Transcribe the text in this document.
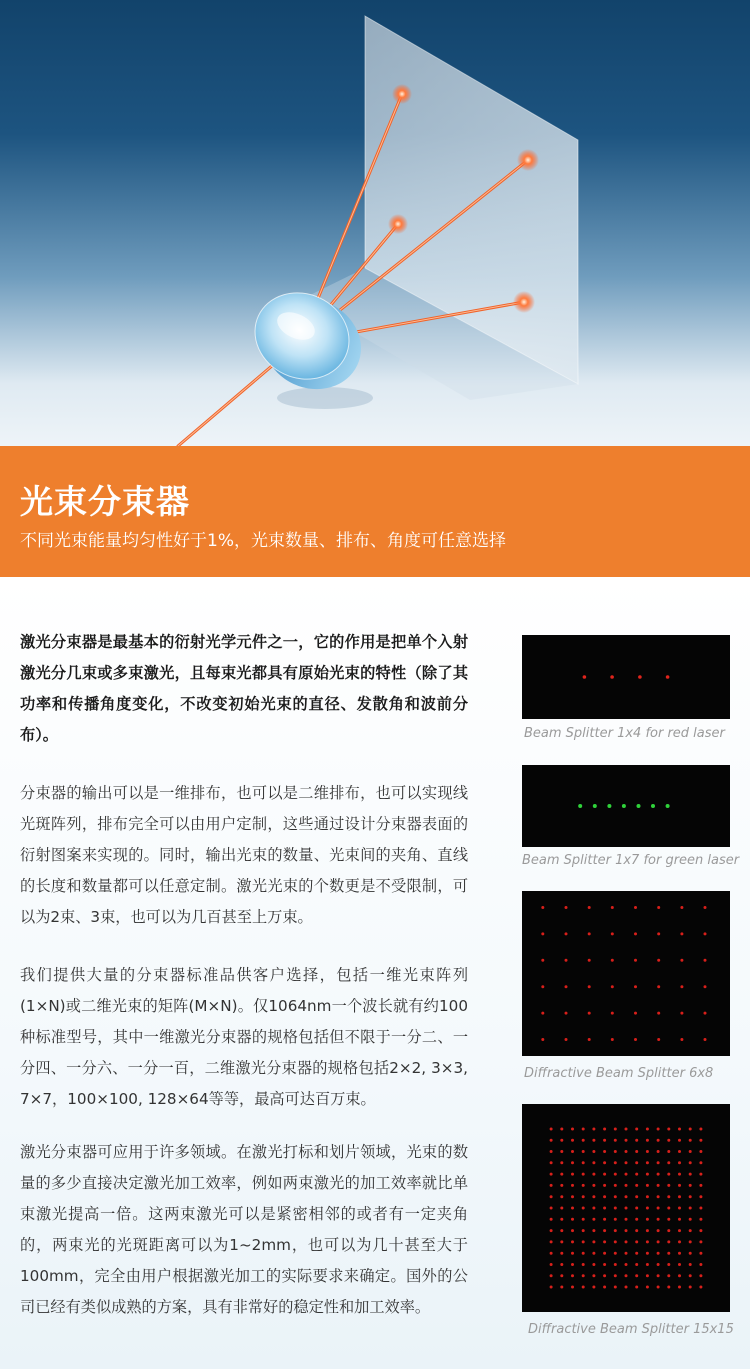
光束分束器
不同光束能量均匀性好于1%，光束数量、排布、角度可任意选择

激光分束器是最基本的衍射光学元件之一，它的作用是把单个入射激光分几束或多束激光，且每束光都具有原始光束的特性（除了其功率和传播角度变化，不改变初始光束的直径、发散角和波前分布）。

分束器的输出可以是一维排布，也可以是二维排布，也可以实现线光斑阵列，排布完全可以由用户定制，这些通过设计分束器表面的衍射图案来实现的。同时，输出光束的数量、光束间的夹角、直线的长度和数量都可以任意定制。激光光束的个数更是不受限制，可以为2束、3束，也可以为几百甚至上万束。

我们提供大量的分束器标准品供客户选择，包括一维光束阵列(1×N)或二维光束的矩阵(M×N)。仅1064nm一个波长就有约100种标准型号，其中一维激光分束器的规格包括但不限于一分二、一分四、一分六、一分一百，二维激光分束器的规格包括2×2, 3×3, 7×7，100×100, 128×64等等，最高可达百万束。

激光分束器可应用于许多领域。在激光打标和划片领域，光束的数量的多少直接决定激光加工效率，例如两束激光的加工效率就比单束激光提高一倍。这两束激光可以是紧密相邻的或者有一定夹角的，两束光的光斑距离可以为1~2mm，也可以为几十甚至大于100mm，完全由用户根据激光加工的实际要求来确定。国外的公司已经有类似成熟的方案，具有非常好的稳定性和加工效率。

Beam Splitter 1x4 for red laser
Beam Splitter 1x7 for green laser
Diffractive Beam Splitter 6x8
Diffractive Beam Splitter 15x15
